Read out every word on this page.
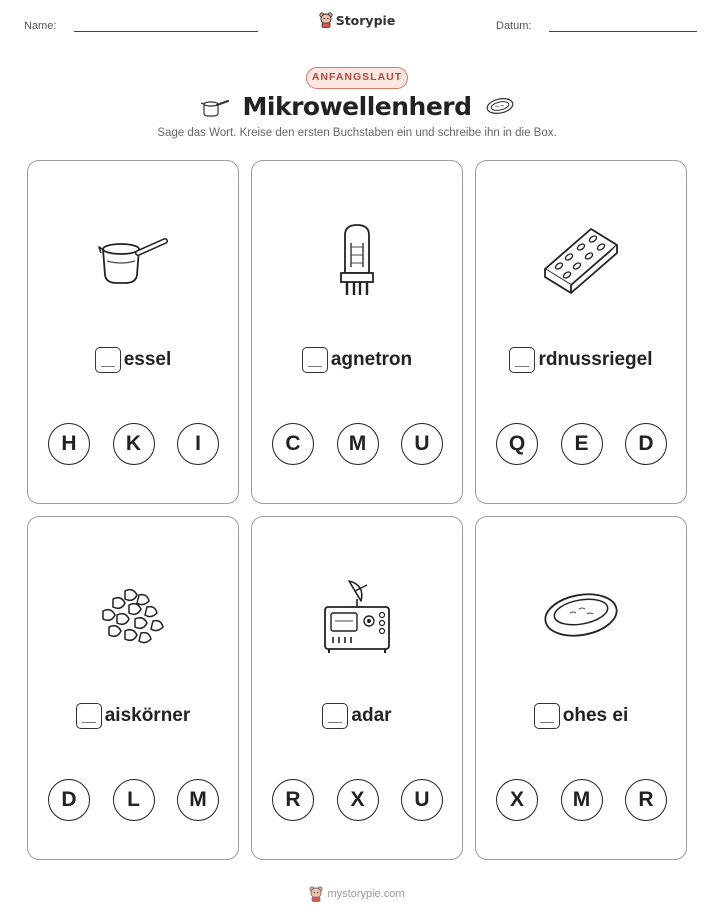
Name:	Storypie	Datum:
ANFANGSLAUT
Mikrowellenherd
Sage das Wort. Kreise den ersten Buchstaben ein und schreibe ihn in die Box.
essel
H	K	I
agnetron
C	M	U
rdnussriegel
Q	E	D
aiskörner
D	L	M
adar
R	X	U
ohes ei
X	M	R
mystorypie.com
